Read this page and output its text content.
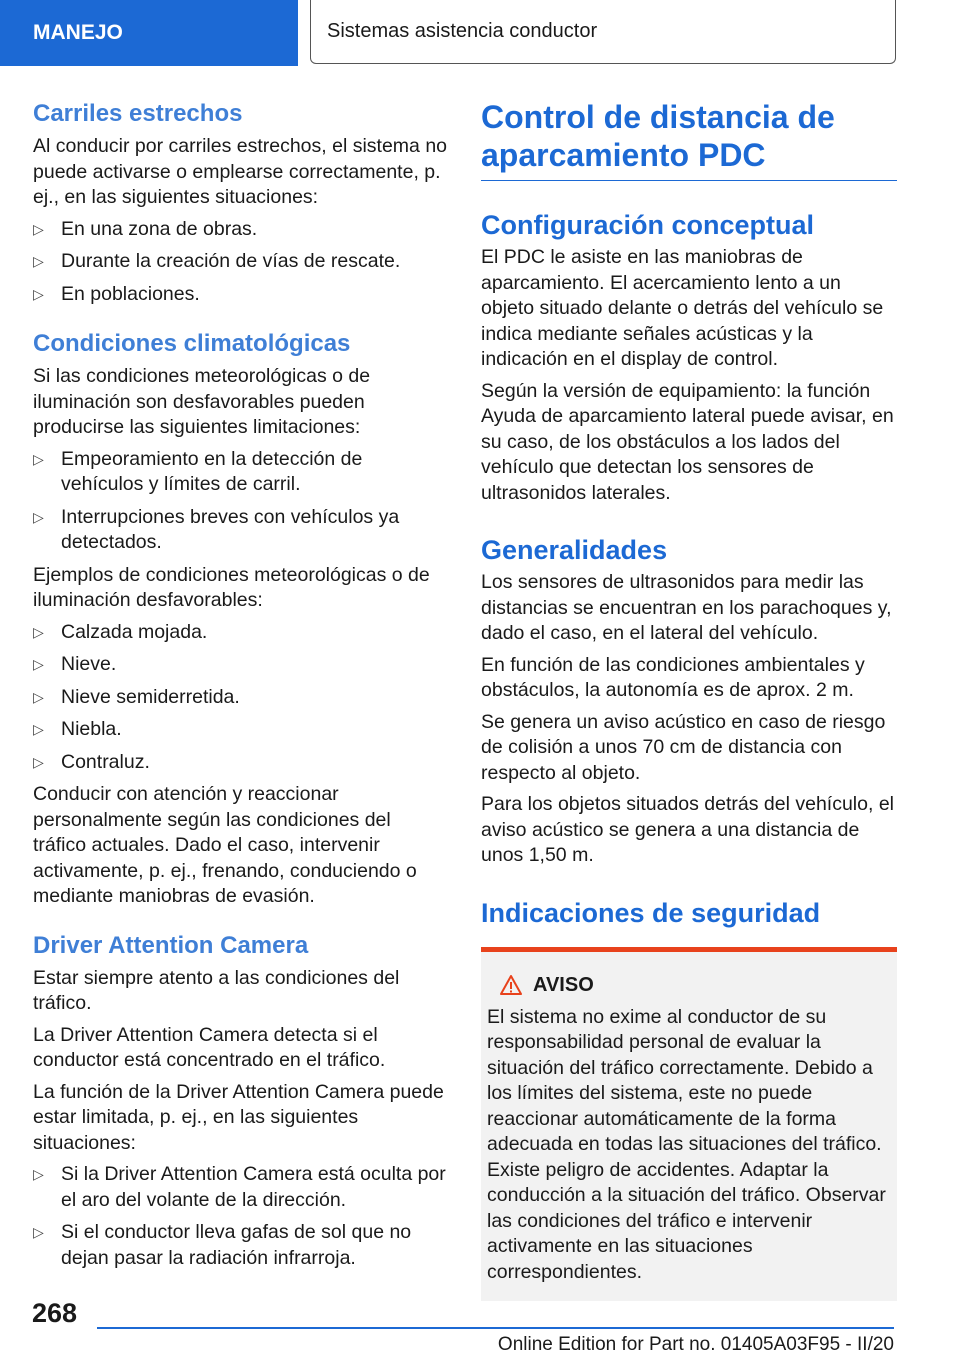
MANEJO	Sistemas asistencia conductor
Carriles estrechos

Al conducir por carriles estrechos, el sistema no puede activarse o emplearse correctamente, p. ej., en las siguientes situaciones:

▷ En una zona de obras.
▷ Durante la creación de vías de rescate.
▷ En poblaciones.
Condiciones climatológicas

Si las condiciones meteorológicas o de iluminación son desfavorables pueden producirse las siguientes limitaciones:

▷ Empeoramiento en la detección de vehículos y límites de carril.
▷ Interrupciones breves con vehículos ya detectados.

Ejemplos de condiciones meteorológicas o de iluminación desfavorables:

▷ Calzada mojada.
▷ Nieve.
▷ Nieve semiderretida.
▷ Niebla.
▷ Contraluz.

Conducir con atención y reaccionar personalmente según las condiciones del tráfico actuales. Dado el caso, intervenir activamente, p. ej., frenando, conduciendo o mediante maniobras de evasión.

Driver Attention Camera

Estar siempre atento a las condiciones del tráfico.

La Driver Attention Camera detecta si el conductor está concentrado en el tráfico.

La función de la Driver Attention Camera puede estar limitada, p. ej., en las siguientes situaciones:

▷ Si la Driver Attention Camera está oculta por el aro del volante de la dirección.
▷ Si el conductor lleva gafas de sol que no dejan pasar la radiación infrarroja.
Control de distancia de aparcamiento PDC
Configuración conceptual

El PDC le asiste en las maniobras de aparcamiento. El acercamiento lento a un objeto situado delante o detrás del vehículo se indica mediante señales acústicas y la indicación en el display de control.

Según la versión de equipamiento: la función Ayuda de aparcamiento lateral puede avisar, en su caso, de los obstáculos a los lados del vehículo que detectan los sensores de ultrasonidos laterales.

Generalidades

Los sensores de ultrasonidos para medir las distancias se encuentran en los parachoques y, dado el caso, en el lateral del vehículo.

En función de las condiciones ambientales y obstáculos, la autonomía es de aprox. 2 m.

Se genera un aviso acústico en caso de riesgo de colisión a unos 70 cm de distancia con respecto al objeto.

Para los objetos situados detrás del vehículo, el aviso acústico se genera a una distancia de unos 1,50 m.

Indicaciones de seguridad
AVISO

El sistema no exime al conductor de su responsabilidad personal de evaluar la situación del tráfico correctamente. Debido a los límites del sistema, este no puede reaccionar automáticamente de la forma adecuada en todas las situaciones del tráfico. Existe peligro de accidentes. Adaptar la conducción a la situación del tráfico. Observar las condiciones del tráfico e intervenir activamente en las situaciones correspondientes.

268
Online Edition for Part no. 01405A03F95 - II/20
